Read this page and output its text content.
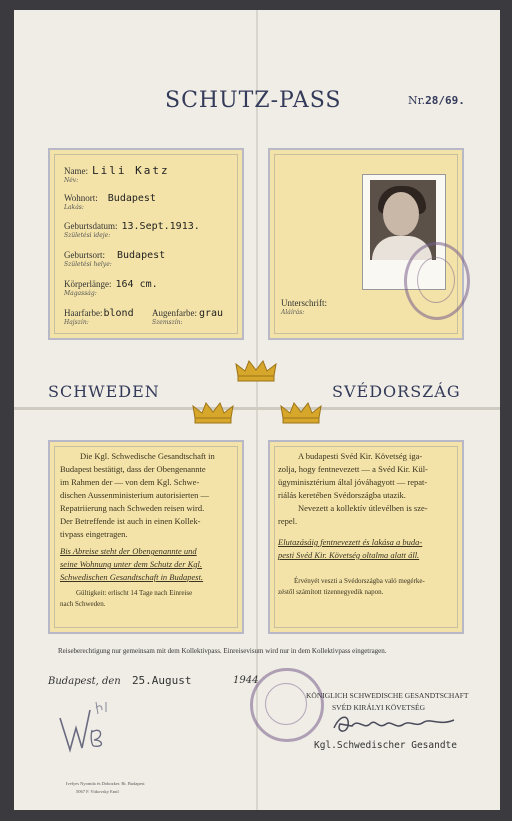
SCHUTZ-PASS	Nr.28/69.
Name: Lili Katz
Név:
Wohnort: Budapest
Lakás:
Geburtsdatum: 13.Sept.1913.
Születési ideje:
Geburtsort: Budapest
Születési helye:
Körperlänge: 164 cm.
Magasság:
Haarfarbe:blond
Hajszín:
Augenfarbe: grau
Szemszín:
Unterschrift:
Aláírás:
SCHWEDEN	SVÉDORSZÁG
Die Kgl. Schwedische Gesandtschaft in
Budapest bestätigt, dass der Obengenannte
im Rahmen der — von dem Kgl. Schwe-
dischen Aussenministerium autorisierten —
Repatriierung nach Schweden reisen wird.
Der Betreffende ist auch in einen Kollek-
tivpass eingetragen.
Bis Abreise steht der Obengenannte und
seine Wohnung unter dem Schutz der Kgl.
Schwedischen Gesandtschaft in Budapest.
Gültigkeit: erlischt 14 Tage nach Einreise
nach Schweden.
A budapesti Svéd Kir. Követség iga-
zolja, hogy fentnevezett — a Svéd Kir. Kül-
ügyminisztérium által jóváhagyott — repat-
riálás keretében Svédországba utazik.
Nevezett a kollektív útlevélben is sze-
repel.
Elutazásáig fentnevezett és lakása a buda-
pesti Svéd Kir. Követség oltalma alatt áll.
Érvényét veszti a Svédországba való megérke-
zéstől számított tizennegyedik napon.
Reiseberechtigung nur gemeinsam mit dem Kollektivpass. Einreisevisum wird nur in dem Kollektivpass eingetragen.
Budapest, den 25.August	1944
KÖNIGLICH SCHWEDISCHE GESANDTSCHAFT
SVÉD KIRÁLYI KÖVETSÉG
Kgl.Schwedischer Gesandte
Ivelyes Nyomda és Dobozker. Rt. Budapest
5067 F. Vitkovsky Emil
